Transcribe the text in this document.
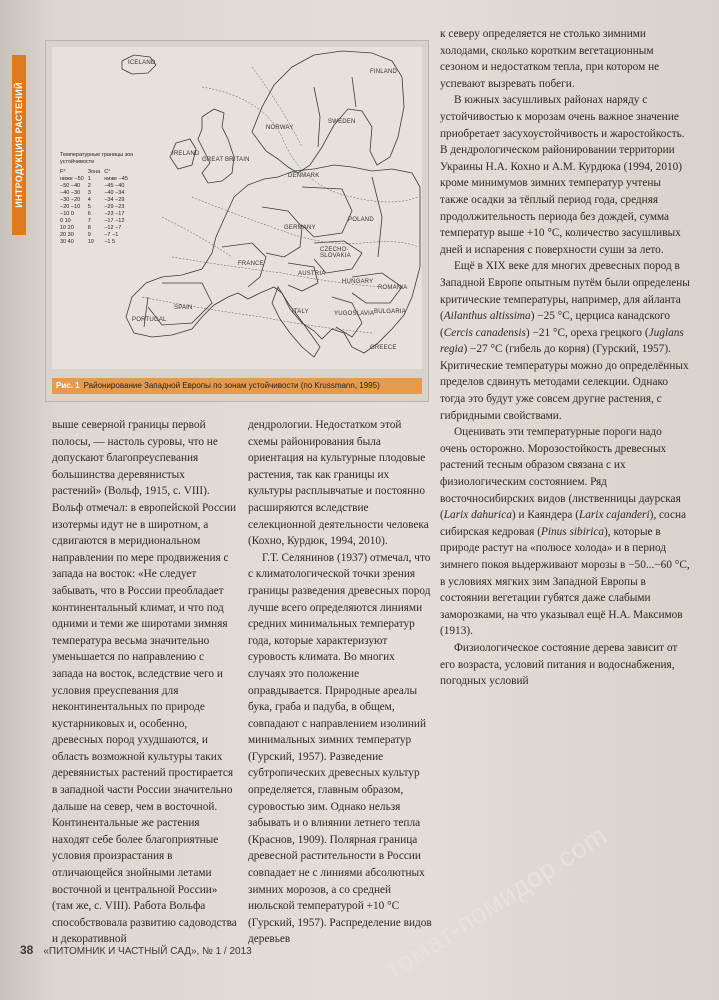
ИНТРОДУКЦИЯ РАСТЕНИЙ
ICELAND
FINLAND
NORWAY
SWEDEN
GREAT BRITAIN
IRELAND
DENMARK
POLAND
GERMANY
CZECHO- SLOVAKIA
AUSTRIA
HUNGARY
ROMANIA
FRANCE
SPAIN
PORTUGAL
ITALY	YUGOSLAVIA BULGARIA
GREECE
Температурные границы зон устойчивости
F°	Зона	C°
ниже −50	1	ниже −45
−50 −40	2	−45 −40
−40 −30	3	−40 −34
−30 −20	4	−34 −29
−20 −10	5	−29 −23
−10 0	6	−23 −17
0 10	7	−17 −12
10 20	8	−12 −7
20 30	9	−7 −1
30 40	10	−1 5
Рис. 1 Районирование Западной Европы по зонам устойчивости (по Krussmann, 1995)

к северу определяется не столько зимними холодами, сколько коротким вегетационным сезоном и недостатком тепла, при котором не успевают вызревать побеги.

В южных засушливых районах наряду с устойчивостью к морозам очень важное значение приобретает засухоустойчивость и жаростойкость. В дендрологическом районировании территории Украины Н.А. Кохно и А.М. Курдюка (1994, 2010) кроме минимумов зимних температур учтены также осадки за тёплый период года, средняя продолжительность периода без дождей, сумма температур выше +10 °С, количество засушливых дней и испарения с поверхности суши за лето.

Ещё в XIX веке для многих древесных пород в Западной Европе опытным путём были определены критические температуры, например, для айланта (Ailanthus altissima) −25 °С, церциса канадского (Cercis canadensis) −21 °С, ореха грецкого (Juglans regia) −27 °С (гибель до корня) (Гурский, 1957). Критические температуры можно до определённых пределов сдвинуть методами селекции. Однако тогда это будут уже совсем другие растения, с гибридными свойствами.

Оценивать эти температурные пороги надо очень осторожно. Морозостойкость древесных растений тесным образом связана с их физиологическим состоянием. Ряд восточносибирских видов (лиственницы даурская (Larix dahurica) и Каяндера (Larix cajanderi), сосна сибирская кедровая (Pinus sibirica), которые в природе растут на «полюсе холода» и в период зимнего покоя выдерживают морозы в −50...−60 °С, в условиях мягких зим Западной Европы в состоянии вегетации губятся даже слабыми заморозками, на что указывал ещё Н.А. Максимов (1913).

Физиологическое состояние дерева зависит от его возраста, условий питания и водоснабжения, погодных условий

выше северной границы первой полосы, — настоль суровы, что не допускают благопреуспевания большинства деревянистых растений» (Вольф, 1915, с. VIII). Вольф отмечал: в европейской России изотермы идут не в широтном, а сдвигаются в меридиональном направлении по мере продвижения с запада на восток: «Не следует забывать, что в России преобладает континентальный климат, и что под одними и теми же широтами зимняя температура весьма значительно уменьшается по направлению с запада на восток, вследствие чего и условия преуспевания для неконтинентальных по природе кустарниковых и, особенно, древесных пород ухудшаются, и область возможной культуры таких деревянистых растений простирается в западной части России значительно дальше на север, чем в восточной. Континентальные же растения находят себе более благоприятные условия произрастания в отличающейся знойными летами восточной и центральной России» (там же, с. VIII). Работа Вольфа способствовала развитию садоводства и декоративной

дендрологии. Недостатком этой схемы районирования была ориентация на культурные плодовые растения, так как границы их культуры расплывчатые и постоянно расширяются вследствие селекционной деятельности человека (Кохно, Курдюк, 1994, 2010).

Г.Т. Селянинов (1937) отмечал, что с климатологической точки зрения границы разведения древесных пород лучше всего определяются линиями средних минимальных температур года, которые характеризуют суровость климата. Во многих случаях это положение оправдывается. Природные ареалы бука, граба и падуба, в общем, совпадают с направлением изолиний минимальных зимних температур (Гурский, 1957). Разведение субтропических древесных культур определяется, главным образом, суровостью зим. Однако нельзя забывать и о влиянии летнего тепла (Краснов, 1909). Полярная граница древесной растительности в России совпадает не с линиями абсолютных зимних морозов, а со средней июльской температурой +10 °С (Гурский, 1957). Распределение видов деревьев

38 «ПИТОМНИК И ЧАСТНЫЙ САД», № 1 / 2013	томат-помидор.com
